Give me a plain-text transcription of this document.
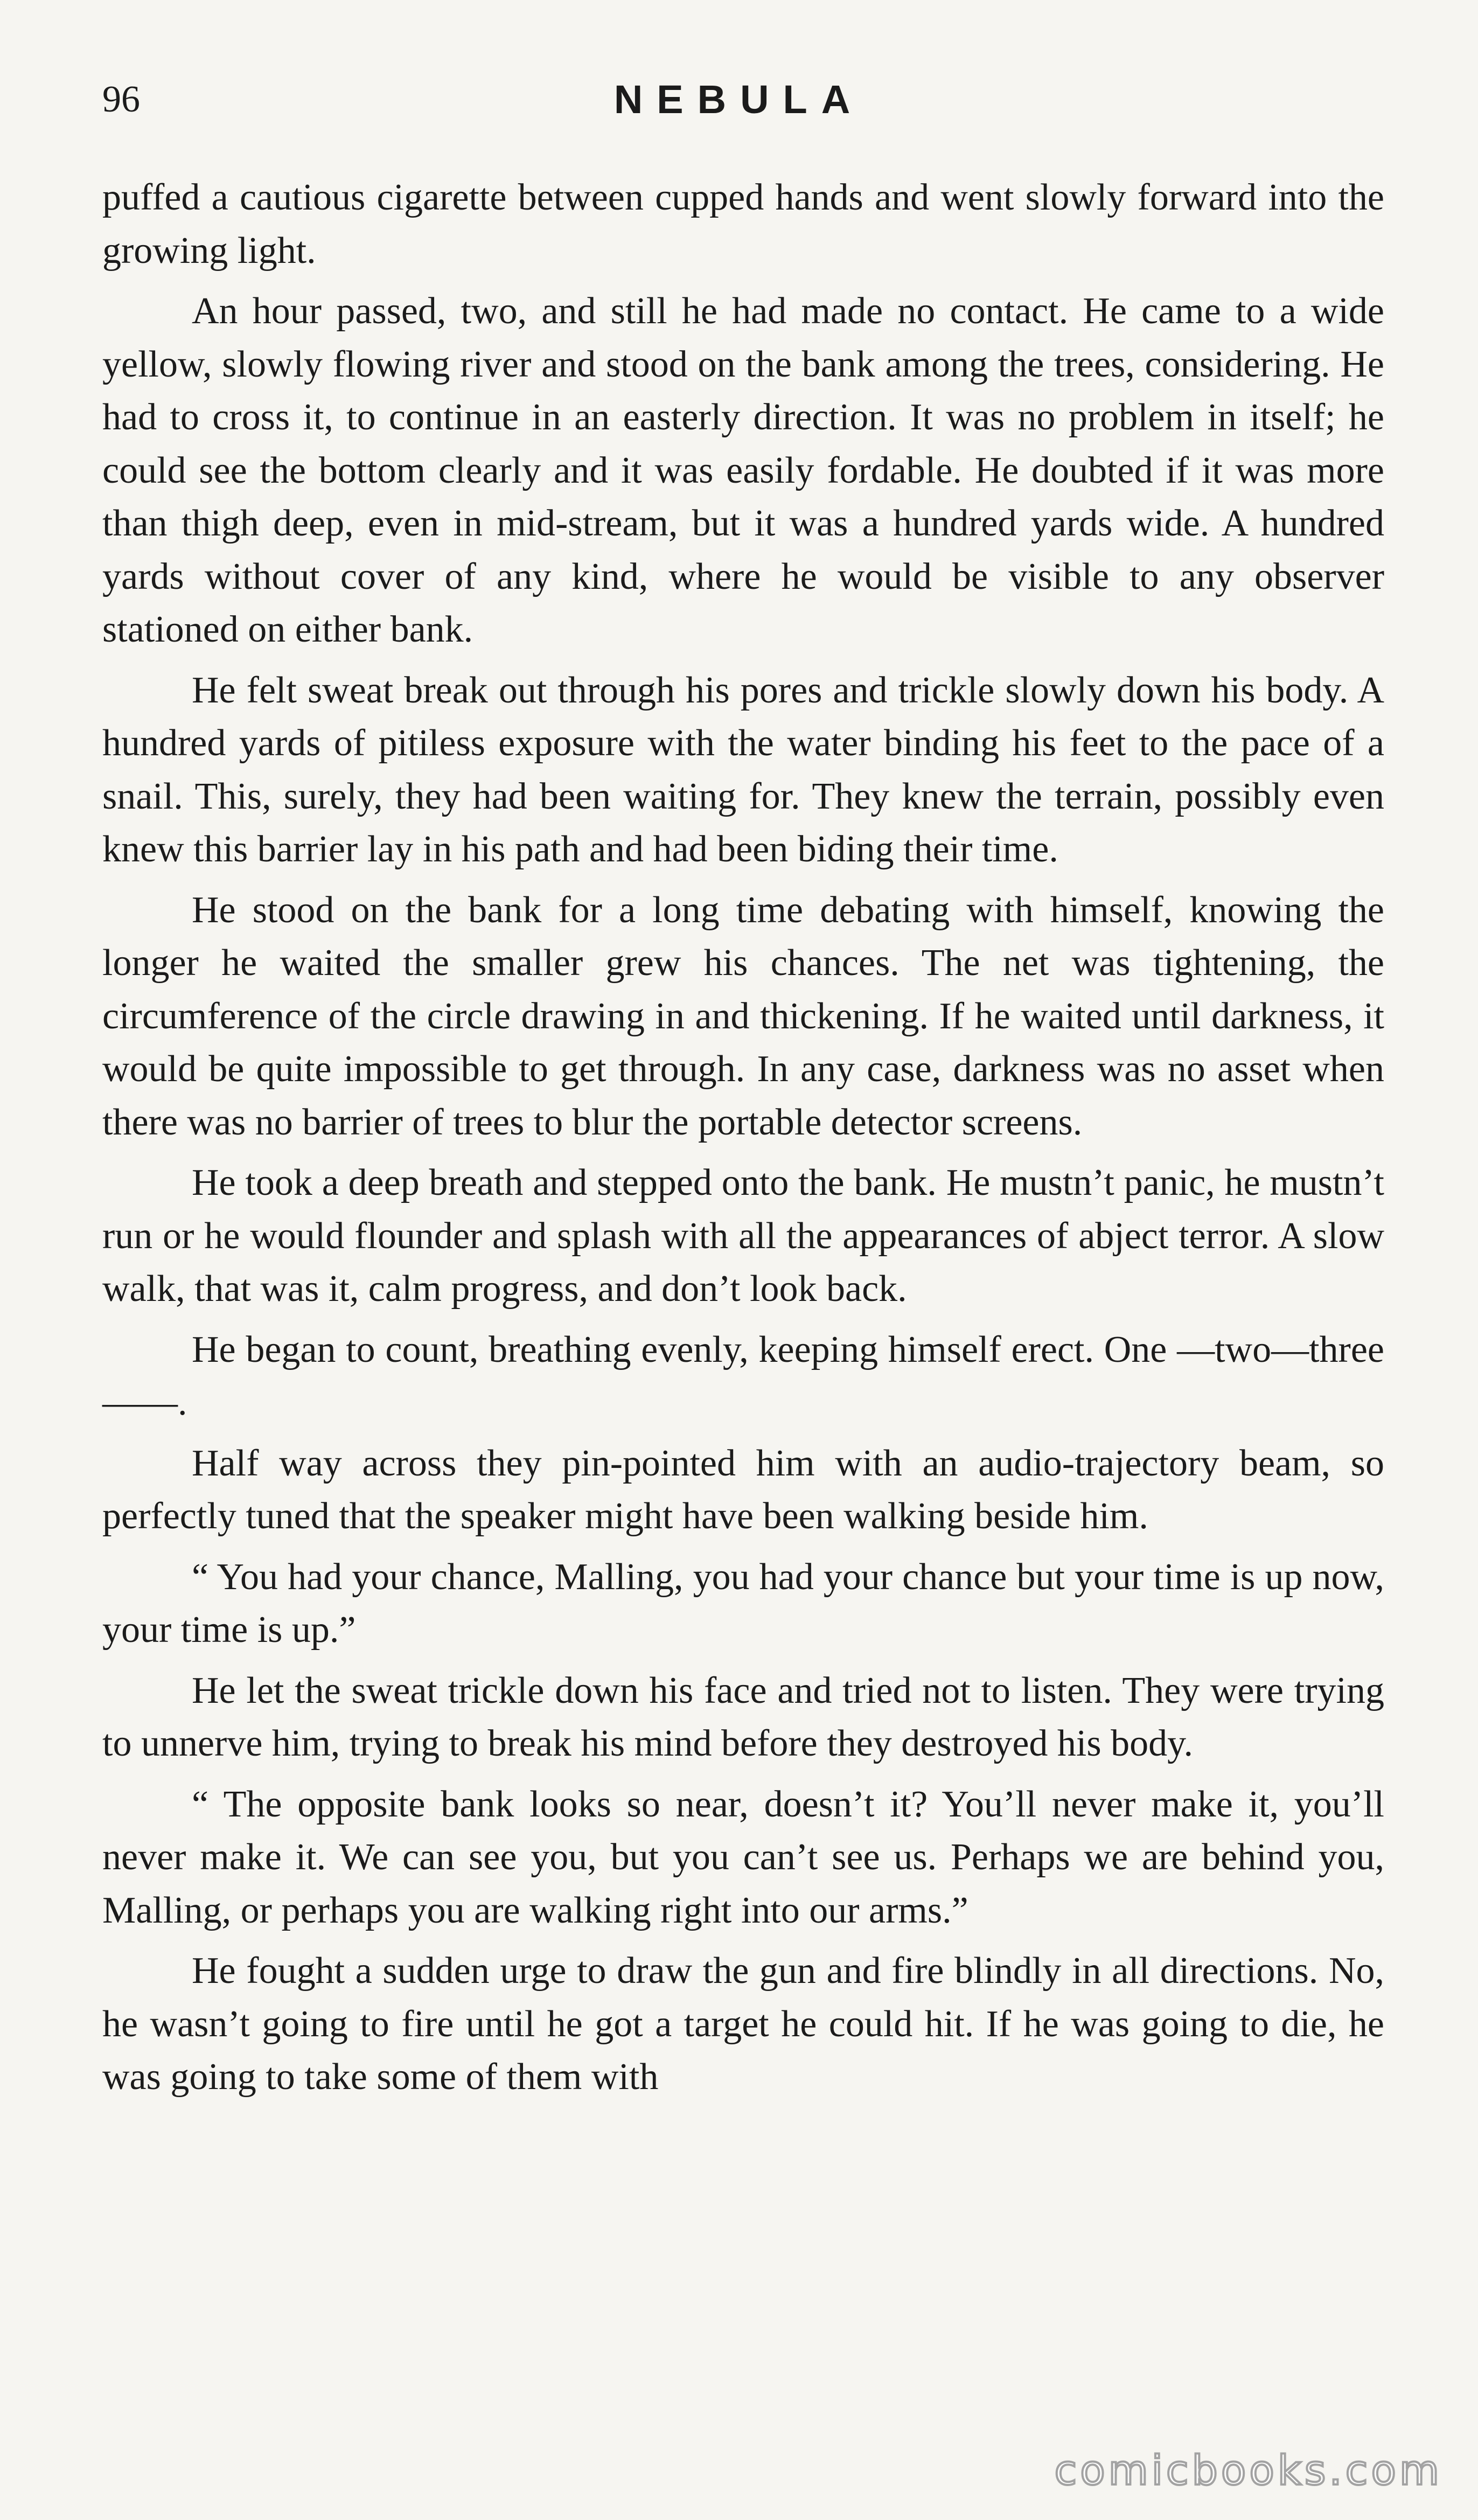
96	NEBULA

puffed a cautious cigarette between cupped hands and went slowly forward into the growing light.

An hour passed, two, and still he had made no contact. He came to a wide yellow, slowly flowing river and stood on the bank among the trees, considering. He had to cross it, to continue in an easterly direction. It was no problem in itself; he could see the bottom clearly and it was easily fordable. He doubted if it was more than thigh deep, even in mid-stream, but it was a hundred yards wide. A hundred yards without cover of any kind, where he would be visible to any observer stationed on either bank.

He felt sweat break out through his pores and trickle slowly down his body. A hundred yards of pitiless exposure with the water binding his feet to the pace of a snail. This, surely, they had been waiting for. They knew the terrain, possibly even knew this barrier lay in his path and had been biding their time.

He stood on the bank for a long time debating with himself, knowing the longer he waited the smaller grew his chances. The net was tightening, the circumference of the circle drawing in and thickening. If he waited until darkness, it would be quite impossible to get through. In any case, darkness was no asset when there was no barrier of trees to blur the portable detector screens.

He took a deep breath and stepped onto the bank. He mustn’t panic, he mustn’t run or he would flounder and splash with all the appearances of abject terror. A slow walk, that was it, calm progress, and don’t look back.

He began to count, breathing evenly, keeping himself erect. One —two—three——.

Half way across they pin-pointed him with an audio-trajectory beam, so perfectly tuned that the speaker might have been walking beside him.

“ You had your chance, Malling, you had your chance but your time is up now, your time is up.”

He let the sweat trickle down his face and tried not to listen. They were trying to unnerve him, trying to break his mind before they destroyed his body.

“ The opposite bank looks so near, doesn’t it? You’ll never make it, you’ll never make it. We can see you, but you can’t see us. Perhaps we are behind you, Malling, or perhaps you are walking right into our arms.”

He fought a sudden urge to draw the gun and fire blindly in all directions. No, he wasn’t going to fire until he got a target he could hit. If he was going to die, he was going to take some of them with

comicbooks.com
